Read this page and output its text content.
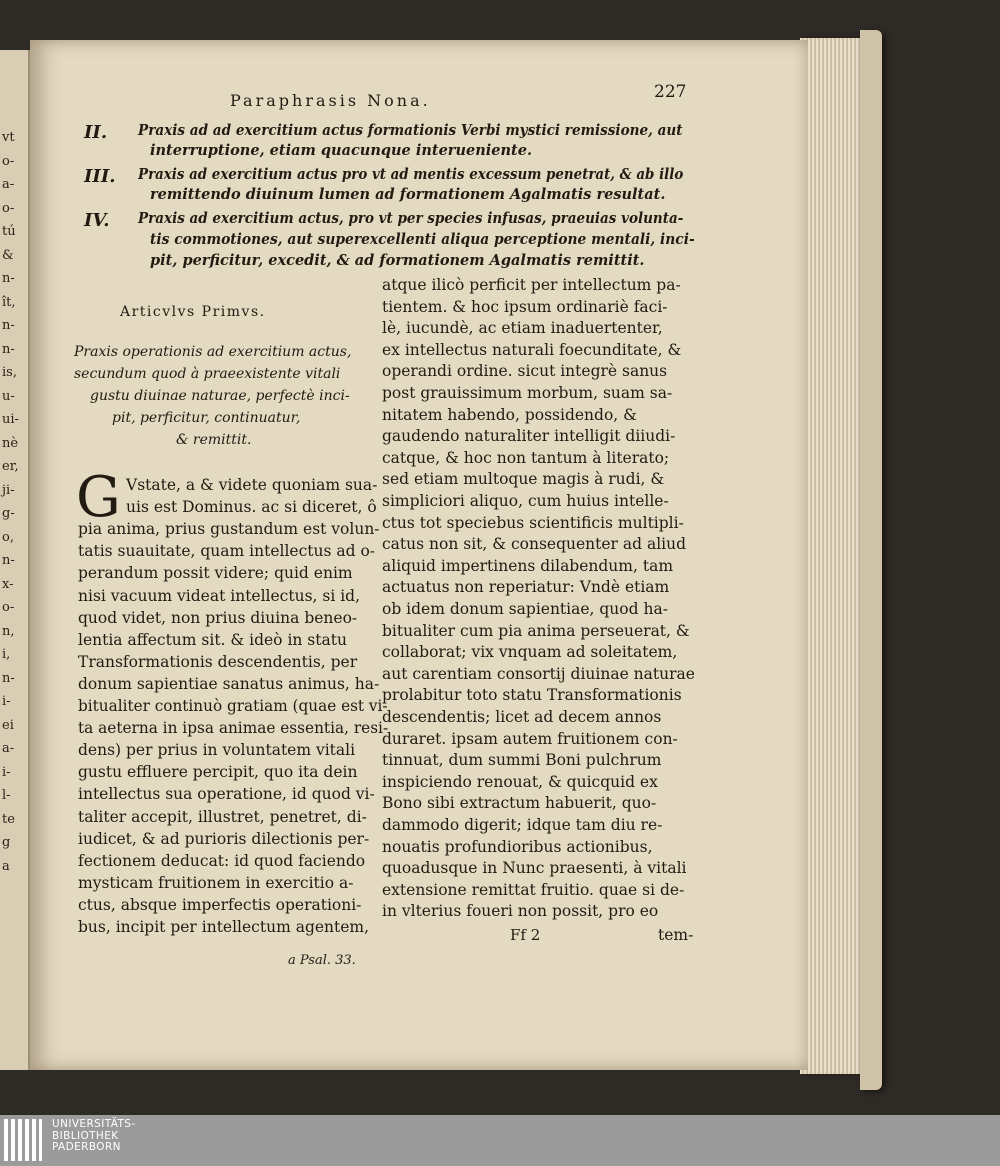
vt
o-
a-
o-
tú
&
n-
ît,
n-
n-
is,
u-
ui-
nè
er,
ji-
g-
o,
n-
x-
o-
n,
i,
n-
i-
ei
a-
i-
l-
te
g
a
Paraphrasis Nona.	227
II. Praxis ad ad exercitium actus formationis Verbi mystici remissione, aut
interruptione, etiam quacunque interueniente.
III. Praxis ad exercitium actus pro vt ad mentis excessum penetrat, & ab illo
remittendo diuinum lumen ad formationem Agalmatis resultat.
IV. Praxis ad exercitium actus, pro vt per species infusas, praeuias volunta-
tis commotiones, aut superexcellenti aliqua perceptione mentali, inci-
pit, perficitur, excedit, & ad formationem Agalmatis remittit.
Articvlvs Primvs.
Praxis operationis ad exercitium actus,
secundum quod à praeexistente vitali
gustu diuinae naturae, perfectè inci-
pit, perficitur, continuatur,
& remittit.
Vstate, a & videte quoniam sua-
uis est Dominus. ac si diceret, ô
pia anima, prius gustandum est volun-
tatis suauitate, quam intellectus ad o-
perandum possit videre; quid enim
nisi vacuum videat intellectus, si id,
quod videt, non prius diuina beneo-
lentia affectum sit. & ideò in statu
Transformationis descendentis, per
donum sapientiae sanatus animus, ha-
bitualiter continuò gratiam (quae est vi-
ta aeterna in ipsa animae essentia, resi-
dens) per prius in voluntatem vitali
gustu effluere percipit, quo ita dein
intellectus sua operatione, id quod vi-
taliter accepit, illustret, penetret, di-
iudicet, & ad purioris dilectionis per-
fectionem deducat: id quod faciendo
mysticam fruitionem in exercitio a-
ctus, absque imperfectis operationi-
bus, incipit per intellectum agentem,
atque ilicò perficit per intellectum pa-
tientem. & hoc ipsum ordinariè faci-
lè, iucundè, ac etiam inaduertenter,
ex intellectus naturali foecunditate, &
operandi ordine. sicut integrè sanus
post grauissimum morbum, suam sa-
nitatem habendo, possidendo, &
gaudendo naturaliter intelligit diiudi-
catque, & hoc non tantum à literato;
sed etiam multoque magis à rudi, &
simpliciori aliquo, cum huius intelle-
ctus tot speciebus scientificis multipli-
catus non sit, & consequenter ad aliud
aliquid impertinens dilabendum, tam
actuatus non reperiatur: Vndè etiam
ob idem donum sapientiae, quod ha-
bitualiter cum pia anima perseuerat, &
collaborat; vix vnquam ad soleitatem,
aut carentiam consortij diuinae naturae
prolabitur toto statu Transformationis
descendentis; licet ad decem annos
duraret. ipsam autem fruitionem con-
tinnuat, dum summi Boni pulchrum
inspiciendo renouat, & quicquid ex
Bono sibi extractum habuerit, quo-
dammodo digerit; idque tam diu re-
nouatis profundioribus actionibus,
quoadusque in Nunc praesenti, à vitali
extensione remittat fruitio. quae si de-
in vlterius foueri non possit, pro eo
Ff 2	tem-
a Psal. 33.
G
UNIVERSITÄTS-
BIBLIOTHEK
PADERBORN
